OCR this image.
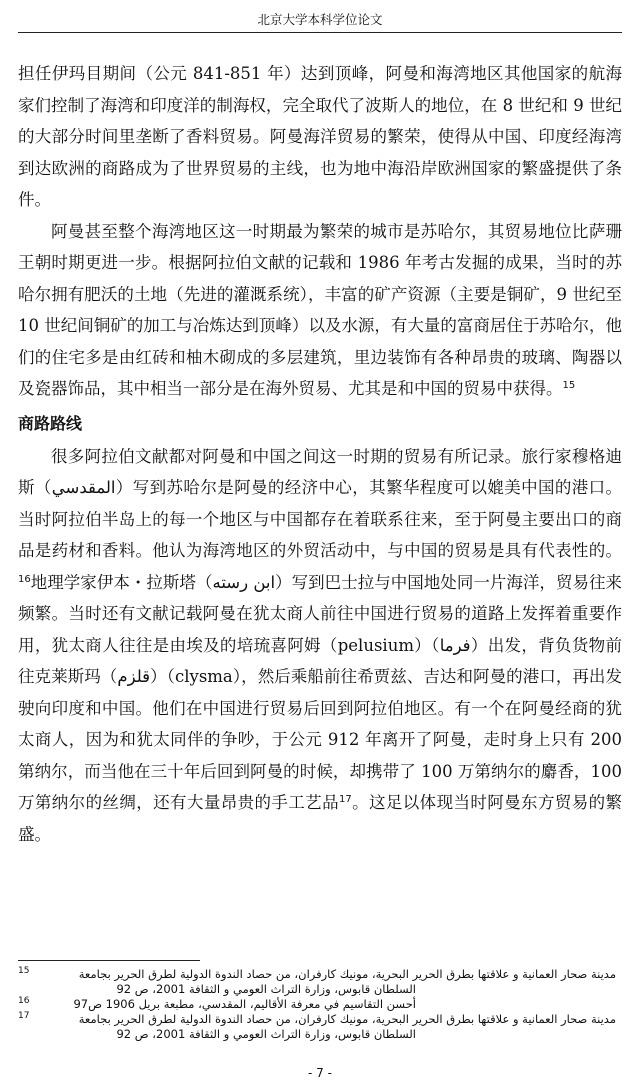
北京大学本科学位论文

担任伊玛目期间（公元 841-851 年）达到顶峰，阿曼和海湾地区其他国家的航海家们控制了海湾和印度洋的制海权，完全取代了波斯人的地位，在 8 世纪和 9 世纪的大部分时间里垄断了香料贸易。阿曼海洋贸易的繁荣，使得从中国、印度经海湾到达欧洲的商路成为了世界贸易的主线，也为地中海沿岸欧洲国家的繁盛提供了条件。

阿曼甚至整个海湾地区这一时期最为繁荣的城市是苏哈尔，其贸易地位比萨珊王朝时期更进一步。根据阿拉伯文献的记载和 1986 年考古发掘的成果，当时的苏哈尔拥有肥沃的土地（先进的灌溉系统），丰富的矿产资源（主要是铜矿，9 世纪至 10 世纪间铜矿的加工与冶炼达到顶峰）以及水源，有大量的富商居住于苏哈尔，他们的住宅多是由红砖和柚木砌成的多层建筑，里边装饰有各种昂贵的玻璃、陶器以及瓷器饰品，其中相当一部分是在海外贸易、尤其是和中国的贸易中获得。$^{15}$

商路路线

很多阿拉伯文献都对阿曼和中国之间这一时期的贸易有所记录。旅行家穆格迪斯（المقدسي）写到苏哈尔是阿曼的经济中心，其繁华程度可以媲美中国的港口。当时阿拉伯半岛上的每一个地区与中国都存在着联系往来，至于阿曼主要出口的商品是药材和香料。他认为海湾地区的外贸活动中，与中国的贸易是具有代表性的。$^{16}$地理学家伊本・拉斯塔（ابن رسته）写到巴士拉与中国地处同一片海洋，贸易往来频繁。当时还有文献记载阿曼在犹太商人前往中国进行贸易的道路上发挥着重要作用，犹太商人往往是由埃及的培琉喜阿姆（pelusium）（فرما）出发，背负货物前往克莱斯玛（قلزم）（clysma），然后乘船前往希贾兹、吉达和阿曼的港口，再出发驶向印度和中国。他们在中国进行贸易后回到阿拉伯地区。有一个在阿曼经商的犹太商人，因为和犹太同伴的争吵，于公元 912 年离开了阿曼，走时身上只有 200 第纳尔，而当他在三十年后回到阿曼的时候，却携带了 100 万第纳尔的麝香，100 万第纳尔的丝绸，还有大量昂贵的手工艺品$^{17}$。这足以体现当时阿曼东方贸易的繁盛。

15	مدينة صحار العمانية و علاقتها بطرق الحرير البحرية، مونيك كارفران، من حصاد الندوة الدولية لطرق الحرير بجامعة
السلطان قابوس، وزارة التراث العومي و الثقافة 2001، ص 92
16	أحسن التقاسيم في معرفة الأقاليم، المقدسي، مطبعة بريل 1906 ص97
17	مدينة صحار العمانية و علاقتها بطرق الحرير البحرية، مونيك كارفران، من حصاد الندوة الدولية لطرق الحرير بجامعة
السلطان قابوس، وزارة التراث العومي و الثقافة 2001، ص 92
- 7 -
